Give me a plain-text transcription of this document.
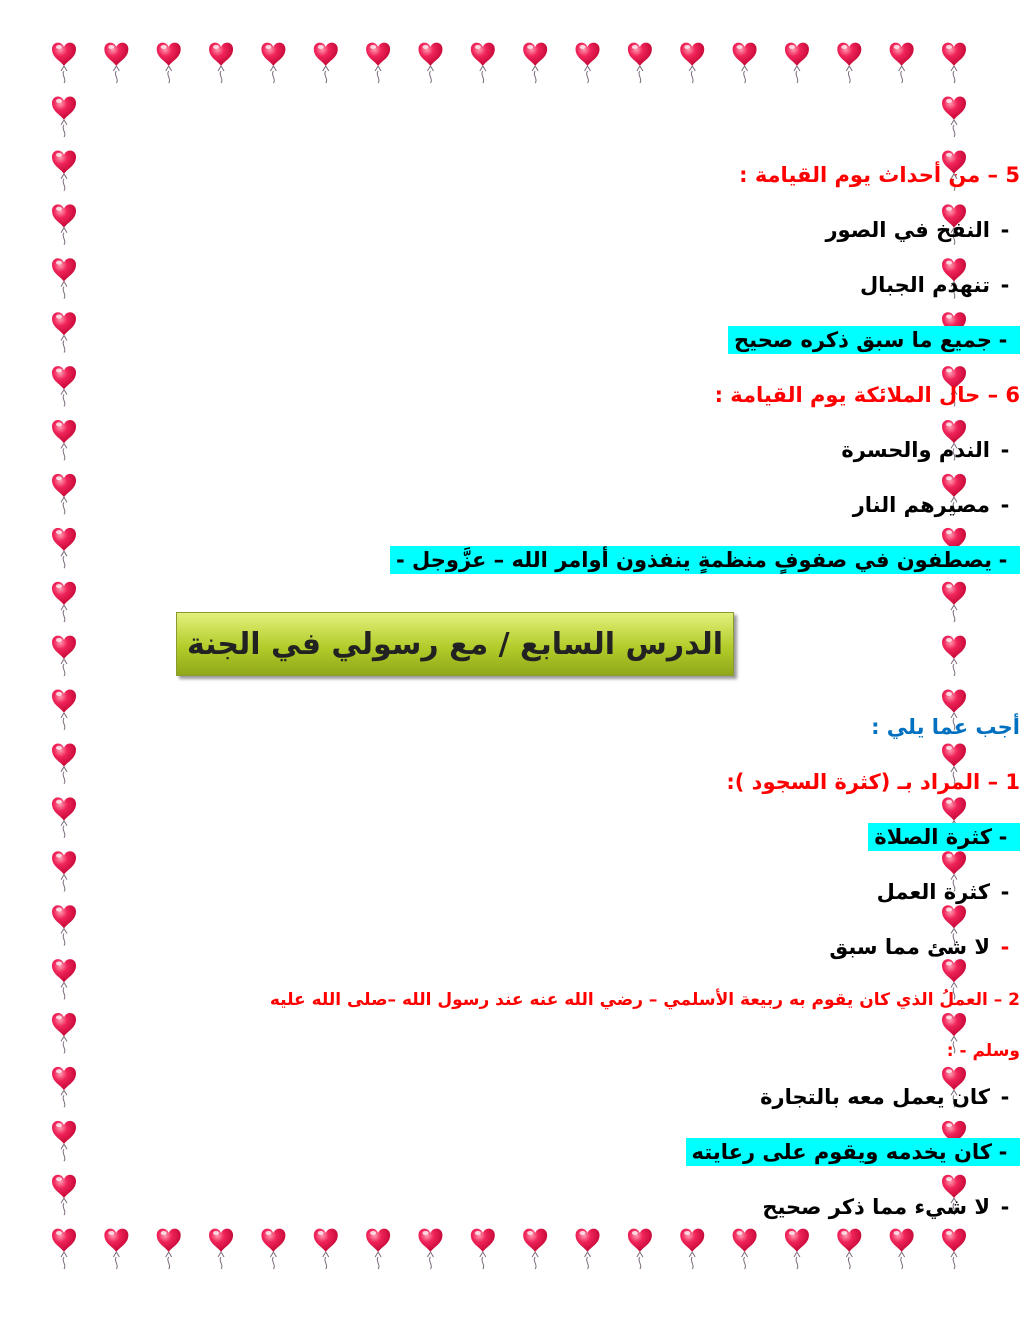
5 – من أحداث يوم القيامة :
-النفخ في الصور
-تنهدم الجبال
-جميع ما سبق ذكره صحيح
6 – حال الملائكة يوم القيامة :
-الندم والحسرة
-مصيرهم النار
-يصطفون في صفوفٍ منظمةٍ ينفذون أوامر الله – عزَّوجل -
الدرس السابع / مع رسولي في الجنة
أجب عما يلي :
1 – المراد بـ (كثرة السجود ):
-كثرة الصلاة
-كثرة العمل
-لا شئ مما سبق
2 – العملُ الذي كان يقوم به ربيعة الأسلمي – رضي الله عنه عند رسول الله –صلى الله عليه
وسلم - :
-كان يعمل معه بالتجارة
-كان يخدمه ويقوم على رعايته
-لا شيء مما ذكر صحيح
